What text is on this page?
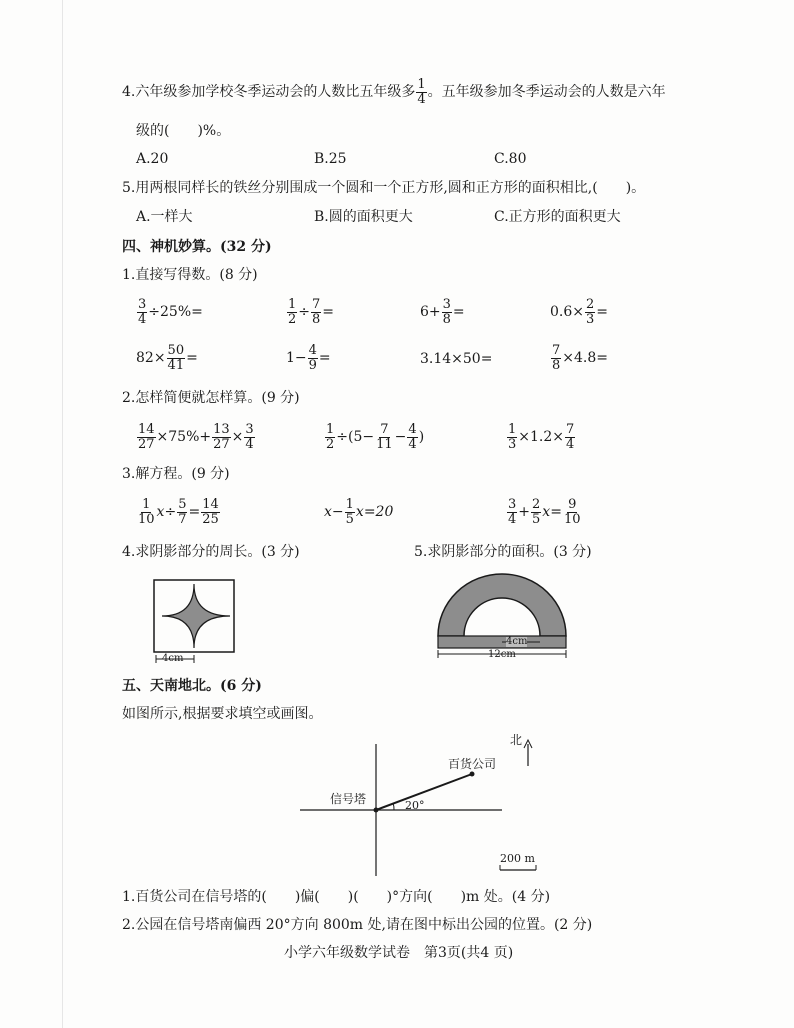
4.六年级参加学校冬季运动会的人数比五年级多 $\frac{1}{4}$ 。五年级参加冬季运动会的人数是六年
级的(　　)%。
A.20	B.25	C.80
5.用两根同样长的铁丝分别围成一个圆和一个正方形,圆和正方形的面积相比,(　　)。
A.一样大	B.圆的面积更大	C.正方形的面积更大
四、神机妙算。(32 分)
1.直接写得数。(8 分)
$\frac{3}{4} \div 25\%=$	$\frac{1}{2} \div \frac{7}{8}$ =	$6+ \frac{3}{8}$ =	$0.6\times \frac{2}{3}$ =
$82\times \frac{50}{41}$ =	$1- \frac{4}{9}$ =	3.14×50=	$\frac{7}{8} \times 4.8=$
2.怎样简便就怎样算。(9 分)
$\frac{14}{27} \times 75\%+ \frac{13}{27} \times \frac{3}{4}$	$\frac{1}{2} \div(5- \frac{7}{11} - \frac{4}{4}$ )	$\frac{1}{3} \times 1.2\times \frac{7}{4}$
3.解方程。(9 分)
$\frac{1}{10} x\div \frac{5}{7} = \frac{14}{25}$	$x- \frac{1}{5} x=20$	$\frac{3}{4} + \frac{2}{5} x= \frac{9}{10}$
4.求阴影部分的周长。(3 分)	5.求阴影部分的面积。(3 分)
4cm
4cm
12cm
五、天南地北。(6 分)
如图所示,根据要求填空或画图。
北
百货公司
信号塔	20°
200 m
1.百货公司在信号塔的(　　)偏(　　)(　　)°方向(　　)m 处。(4 分)
2.公园在信号塔南偏西 20°方向 800m 处,请在图中标出公园的位置。(2 分)
小学六年级数学试卷　第3页(共4 页)
